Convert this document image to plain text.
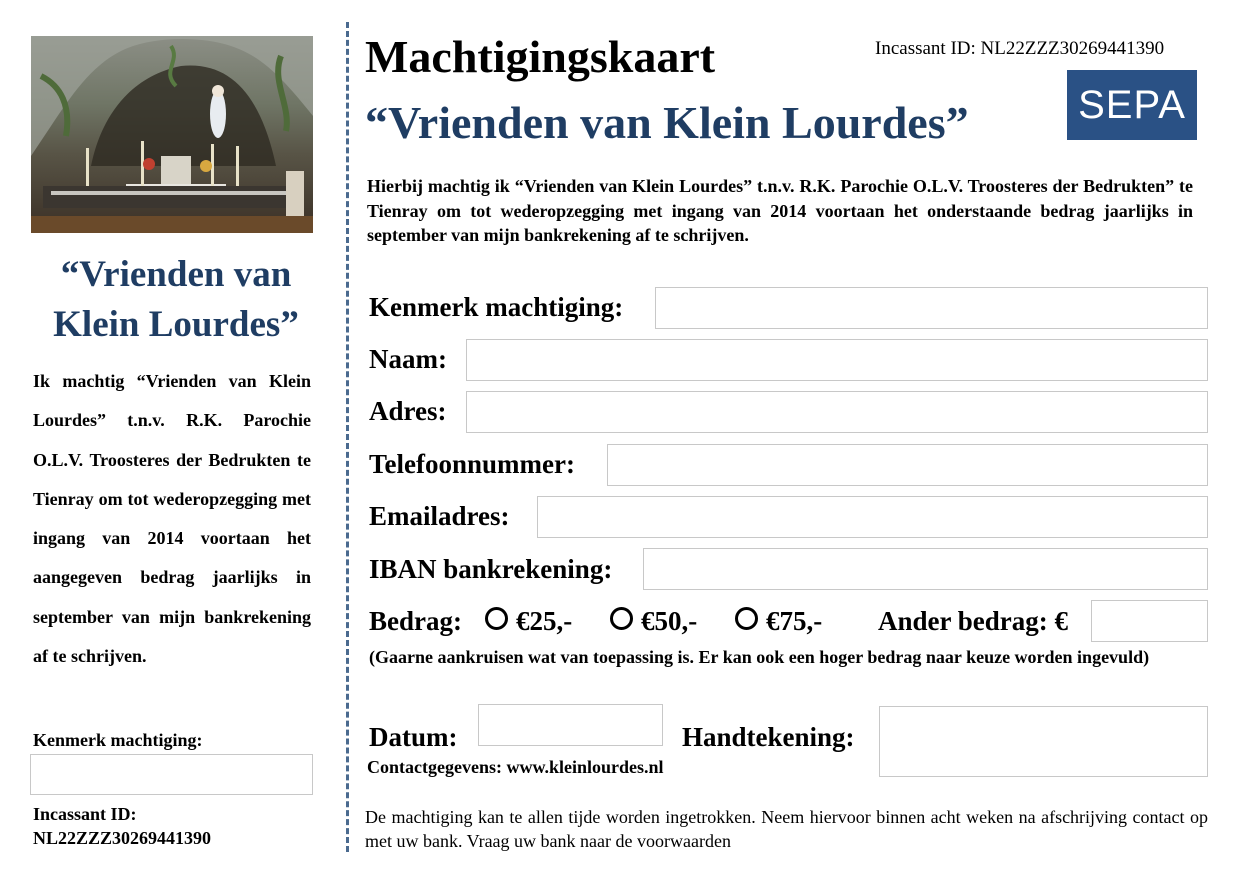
“Vrienden van Klein Lourdes”
Ik machtig “Vrienden van Klein Lourdes” t.n.v. R.K. Parochie O.L.V. Troosteres der Bedrukten te Tienray om tot wederopzegging met ingang van 2014 voortaan het aangegeven bedrag jaarlijks in september van mijn bankrekening af te schrijven.
Kenmerk machtiging:
Incassant ID:
NL22ZZZ30269441390
Machtigingskaart
“Vrienden van Klein Lourdes”
Incassant ID: NL22ZZZ30269441390
SEPA
Hierbij machtig ik “Vrienden van Klein Lourdes” t.n.v. R.K. Parochie O.L.V. Troosteres der Bedrukten” te Tienray om tot wederopzegging met ingang van 2014 voortaan het onderstaande bedrag jaarlijks in september van mijn bankrekening af te schrijven.
Kenmerk machtiging:
Naam:
Adres:
Telefoonnummer:
Emailadres:
IBAN bankrekening:
Bedrag: €25,-	€50,-	€75,- Ander bedrag: €
(Gaarne aankruisen wat van toepassing is. Er kan ook een hoger bedrag naar keuze worden ingevuld)
Datum:	Handtekening:
Contactgegevens: www.kleinlourdes.nl
De machtiging kan te allen tijde worden ingetrokken. Neem hiervoor binnen acht weken na afschrijving contact op met uw bank. Vraag uw bank naar de voorwaarden
